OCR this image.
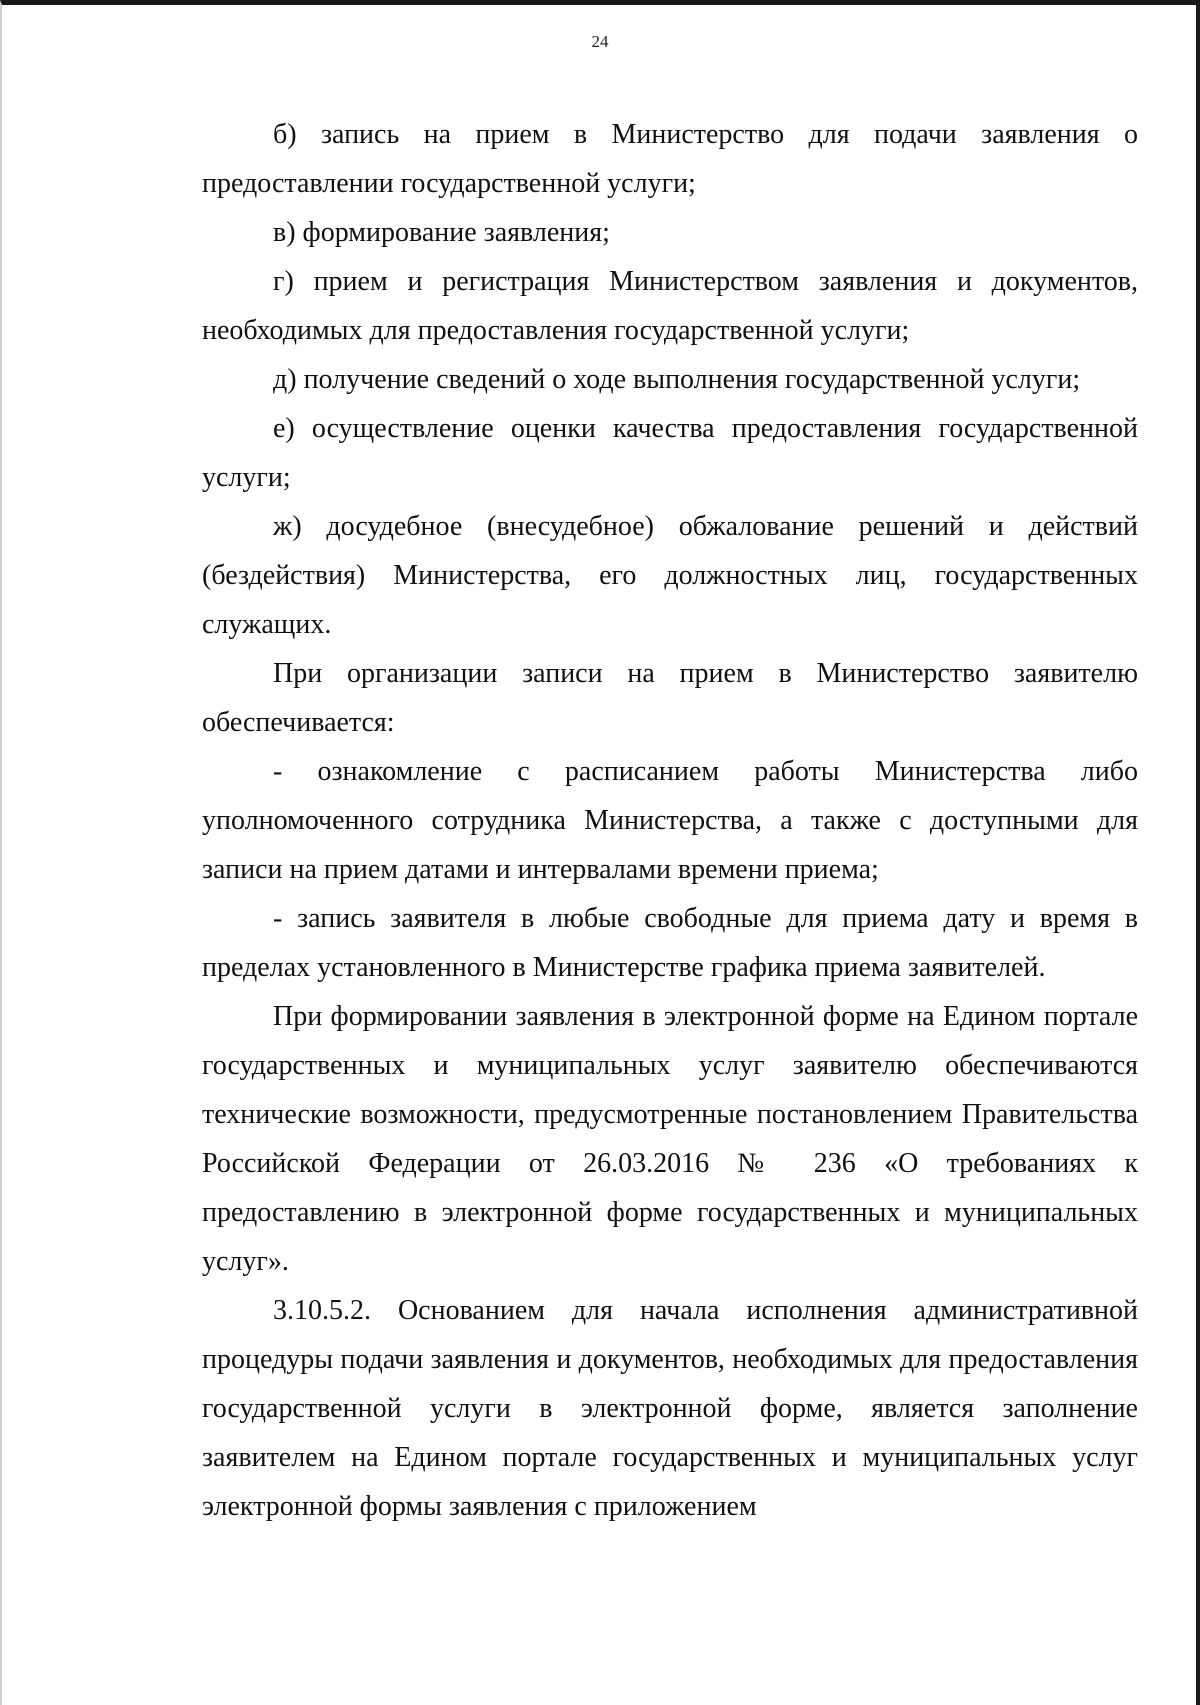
24

б) запись на прием в Министерство для подачи заявления о предоставлении государственной услуги;

в) формирование заявления;

г) прием и регистрация Министерством заявления и документов, необходимых для предоставления государственной услуги;

д) получение сведений о ходе выполнения государственной услуги;

е) осуществление оценки качества предоставления государственной услуги;

ж) досудебное (внесудебное) обжалование решений и действий (бездействия) Министерства, его должностных лиц, государственных служащих.

При организации записи на прием в Министерство заявителю обеспечивается:

- ознакомление с расписанием работы Министерства либо уполномоченного сотрудника Министерства, а также с доступными для записи на прием датами и интервалами времени приема;

- запись заявителя в любые свободные для приема дату и время в пределах установленного в Министерстве графика приема заявителей.

При формировании заявления в электронной форме на Едином портале государственных и муниципальных услуг заявителю обеспечиваются технические возможности, предусмотренные постановлением Правительства Российской Федерации от 26.03.2016 № 236 «О требованиях к предоставлению в электронной форме государственных и муниципальных услуг».

3.10.5.2. Основанием для начала исполнения административной процедуры подачи заявления и документов, необходимых для предоставления государственной услуги в электронной форме, является заполнение заявителем на Едином портале государственных и муниципальных услуг электронной формы заявления с приложением
